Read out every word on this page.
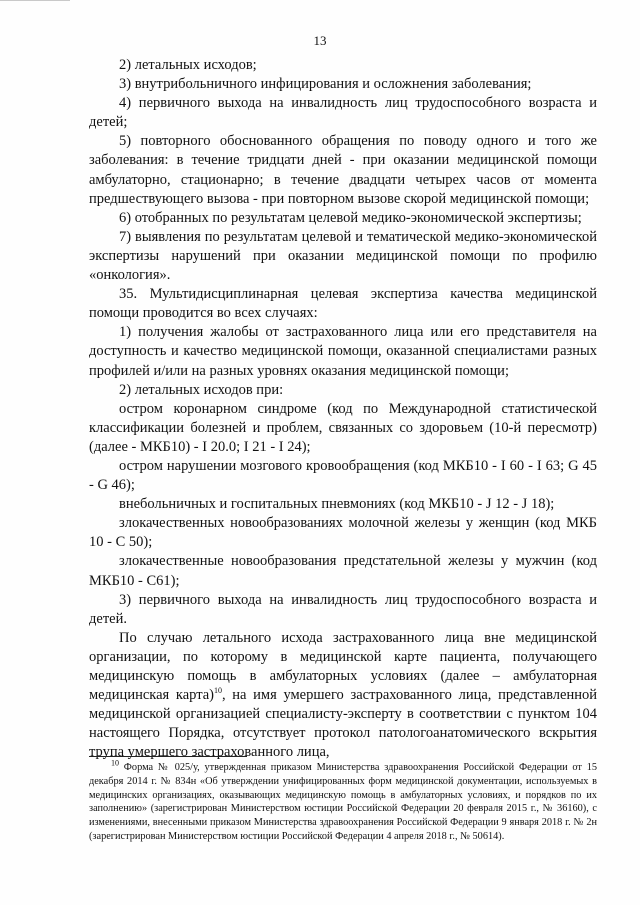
13

2) летальных исходов;

3) внутрибольничного инфицирования и осложнения заболевания;

4) первичного выхода на инвалидность лиц трудоспособного возраста и детей;

5) повторного обоснованного обращения по поводу одного и того же заболевания: в течение тридцати дней - при оказании медицинской помощи амбулаторно, стационарно; в течение двадцати четырех часов от момента предшествующего вызова - при повторном вызове скорой медицинской помощи;

6) отобранных по результатам целевой медико-экономической экспертизы;

7) выявления по результатам целевой и тематической медико-экономической экспертизы нарушений при оказании медицинской помощи по профилю «онкология».

35. Мультидисциплинарная целевая экспертиза качества медицинской помощи проводится во всех случаях:

1) получения жалобы от застрахованного лица или его представителя на доступность и качество медицинской помощи, оказанной специалистами разных профилей и/или на разных уровнях оказания медицинской помощи;

2) летальных исходов при:

остром коронарном синдроме (код по Международной статистической классификации болезней и проблем, связанных со здоровьем (10-й пересмотр) (далее - МКБ10) - I 20.0; I 21 - I 24);

остром нарушении мозгового кровообращения (код МКБ10 - I 60 - I 63; G 45 - G 46);

внебольничных и госпитальных пневмониях (код МКБ10 - J 12 - J 18);

злокачественных новообразованиях молочной железы у женщин (код МКБ 10 - С 50);

злокачественные новообразования предстательной железы у мужчин (код МКБ10 - С61);

3) первичного выхода на инвалидность лиц трудоспособного возраста и детей.

По случаю летального исхода застрахованного лица вне медицинской организации, по которому в медицинской карте пациента, получающего медицинскую помощь в амбулаторных условиях (далее – амбулаторная медицинская карта)$^{10}$, на имя умершего застрахованного лица, представленной медицинской организацией специалисту-эксперту в соответствии с пунктом 104 настоящего Порядка, отсутствует протокол патологоанатомического вскрытия трупа умершего застрахованного лица,

$^{10}$ Форма № 025/у, утвержденная приказом Министерства здравоохранения Российской Федерации от 15 декабря 2014 г. № 834н «Об утверждении унифицированных форм медицинской документации, используемых в медицинских организациях, оказывающих медицинскую помощь в амбулаторных условиях, и порядков по их заполнению» (зарегистрирован Министерством юстиции Российской Федерации 20 февраля 2015 г., № 36160), с изменениями, внесенными приказом Министерства здравоохранения Российской Федерации 9 января 2018 г. № 2н (зарегистрирован Министерством юстиции Российской Федерации 4 апреля 2018 г., № 50614).
